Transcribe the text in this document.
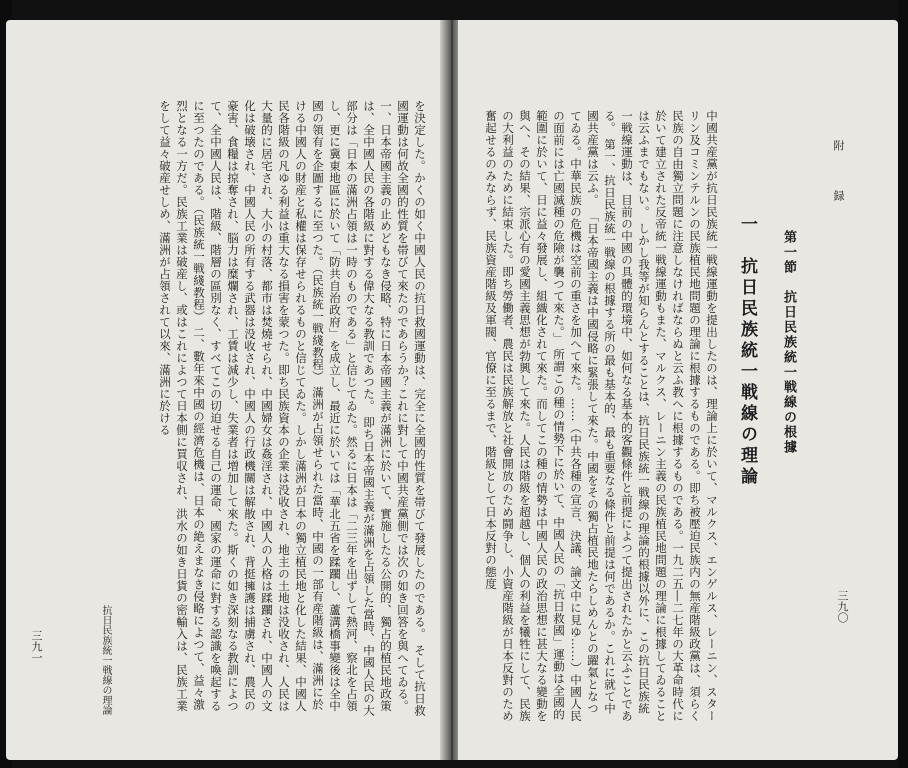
を決定した。かくの如く中國人民の抗日救國運動は、完全に全國的性質を帯びて發展したのである。 そして抗日救國運動は何故全國的性質を帯びて來たのであらうか？これに對して中國共産黨側では次の如き回答を與へてゐる。 一、日本帝國主義の止めどもなき侵略、特に日本帝國主義が滿洲に於いて、實施したる公開的、獨占的植民地政策は、全中國人民の各階級に對する偉大なる教訓であつた。 即ち日本帝國主義が滿洲を占領した當時、中國人民の大部分は「日本の滿洲占領は一時のものである」と信じてゐた。然るに日本は「二三年を出ずして熱河、察北を占領し、更に冀東地區に於いて「防共自治政府」を成立し、最近に於いては「華北五省を蹂躙し、蘆溝橋事變後は全中國の領有を企圖するに至つた。（民族統一戦綫教程） 滿洲が占領せられた當時、中國の一部有産階級は、滿洲に於ける中國人の財産と私權は保存せられるものと信じてゐた。しかし滿洲が日本の獨立植民地と化した結果、中國人民各階級の凡ゆる利益は重大なる損害を蒙つた。即ち民族資本の企業は没收され、地主の土地は没收され、人民は大量的に居宅され、大小の村落、都市は焚燒せられ、中國婦女は姦淫され、中國人の人格は蹂躙され、中國人の文化は破壊され、中國人民の所有する武器は没收され、中國人の行政機關は解散され、背挺擁護は捕虜され、農民の豪害、食糧は掠奪され、脳力は糜爛され、工賃は減少し、失業者は増加して來た。斯くの如き深刻なる教訓によつて、全中國人民は、階級、階層の區別なく、すべてこの切迫せる自己の運命、國家の運命に對する認識を喚起するに至つたのである。（民族統一戦綫教程） 二、數年來中國の經濟危機は、日本の絶えまなき侵略によつて、益々激烈となる一方だ。民族工業は破産し、或はこれによつて日本側に買収され、洪水の如き日貨の密輸入は、民族工業をして益々破産せしめ、滿洲が占領されて以來、滿洲に於ける
抗日民族統一戦線の理論
三九一
附　録
一　抗日民族統一戦線の理論 第一節　抗日民族統一戦線の根據
中國共産黨が抗日民族統一戦線運動を提出したのは、理論上に於いて、マルクス、エンゲルス、レーニン、スターリン及コミンテルンの民族植民地問題の理論に根據するものである。即ち被壓迫民族内の無産階級政黨は、須らく民族の自由獨立問題に注意しなければならぬと云ふ教へに根據するものである。一九二五―二七年の大革命時代に於いて建立された反帝統一戦線運動もまた、マルクス、レーニン主義の民族植民地問題の理論に根據してゐることは云ふまでもない。 しかし我等が知らんとすることは、抗日民族統一戦線の理論的根據以外に、この抗日民族統一戦線運動は、目前の中國の具體的環境中、如何なる基本的客觀條件と前提によつて提出されたかと云ふことである。 第一、抗日民族統一戦線の根據する所の最も基本的、最も重要なる條件と前提は何であるか。これに就て中國共産黨は云ふ。 「日本帝國主義は中國侵略に緊張して來た。中國をその獨占植民地たらしめんとの躍氣となつてゐる。中華民族の危機は空前の重さを加へて來た。……（中共各種の宣言、決議、論文中に見ゆ……）中國人民の面前には亡國滅種の危險が襲つて來た。」 所謂この種の情勢下に於いて、中國人民の「抗日救國」運動は全國的範圍に於いて、日に益々發展し、組織化されて來た。而してこの種の情勢は中國人民の政治思想に甚大なる變動を與へ、その結果、宗派心有の愛國主義思想が勃興して來た。人民は階級を超越し、個人の利益を犧牲にして、民族の大利益のために結束した。即ち勞働者、農民は民族解放と社會開放のため闘争し、小資産階級が日本反對のため奮起せるのみならず、民族資産階級及軍閥、官僚に至るまで、階級として日本反對の態度
三九〇
